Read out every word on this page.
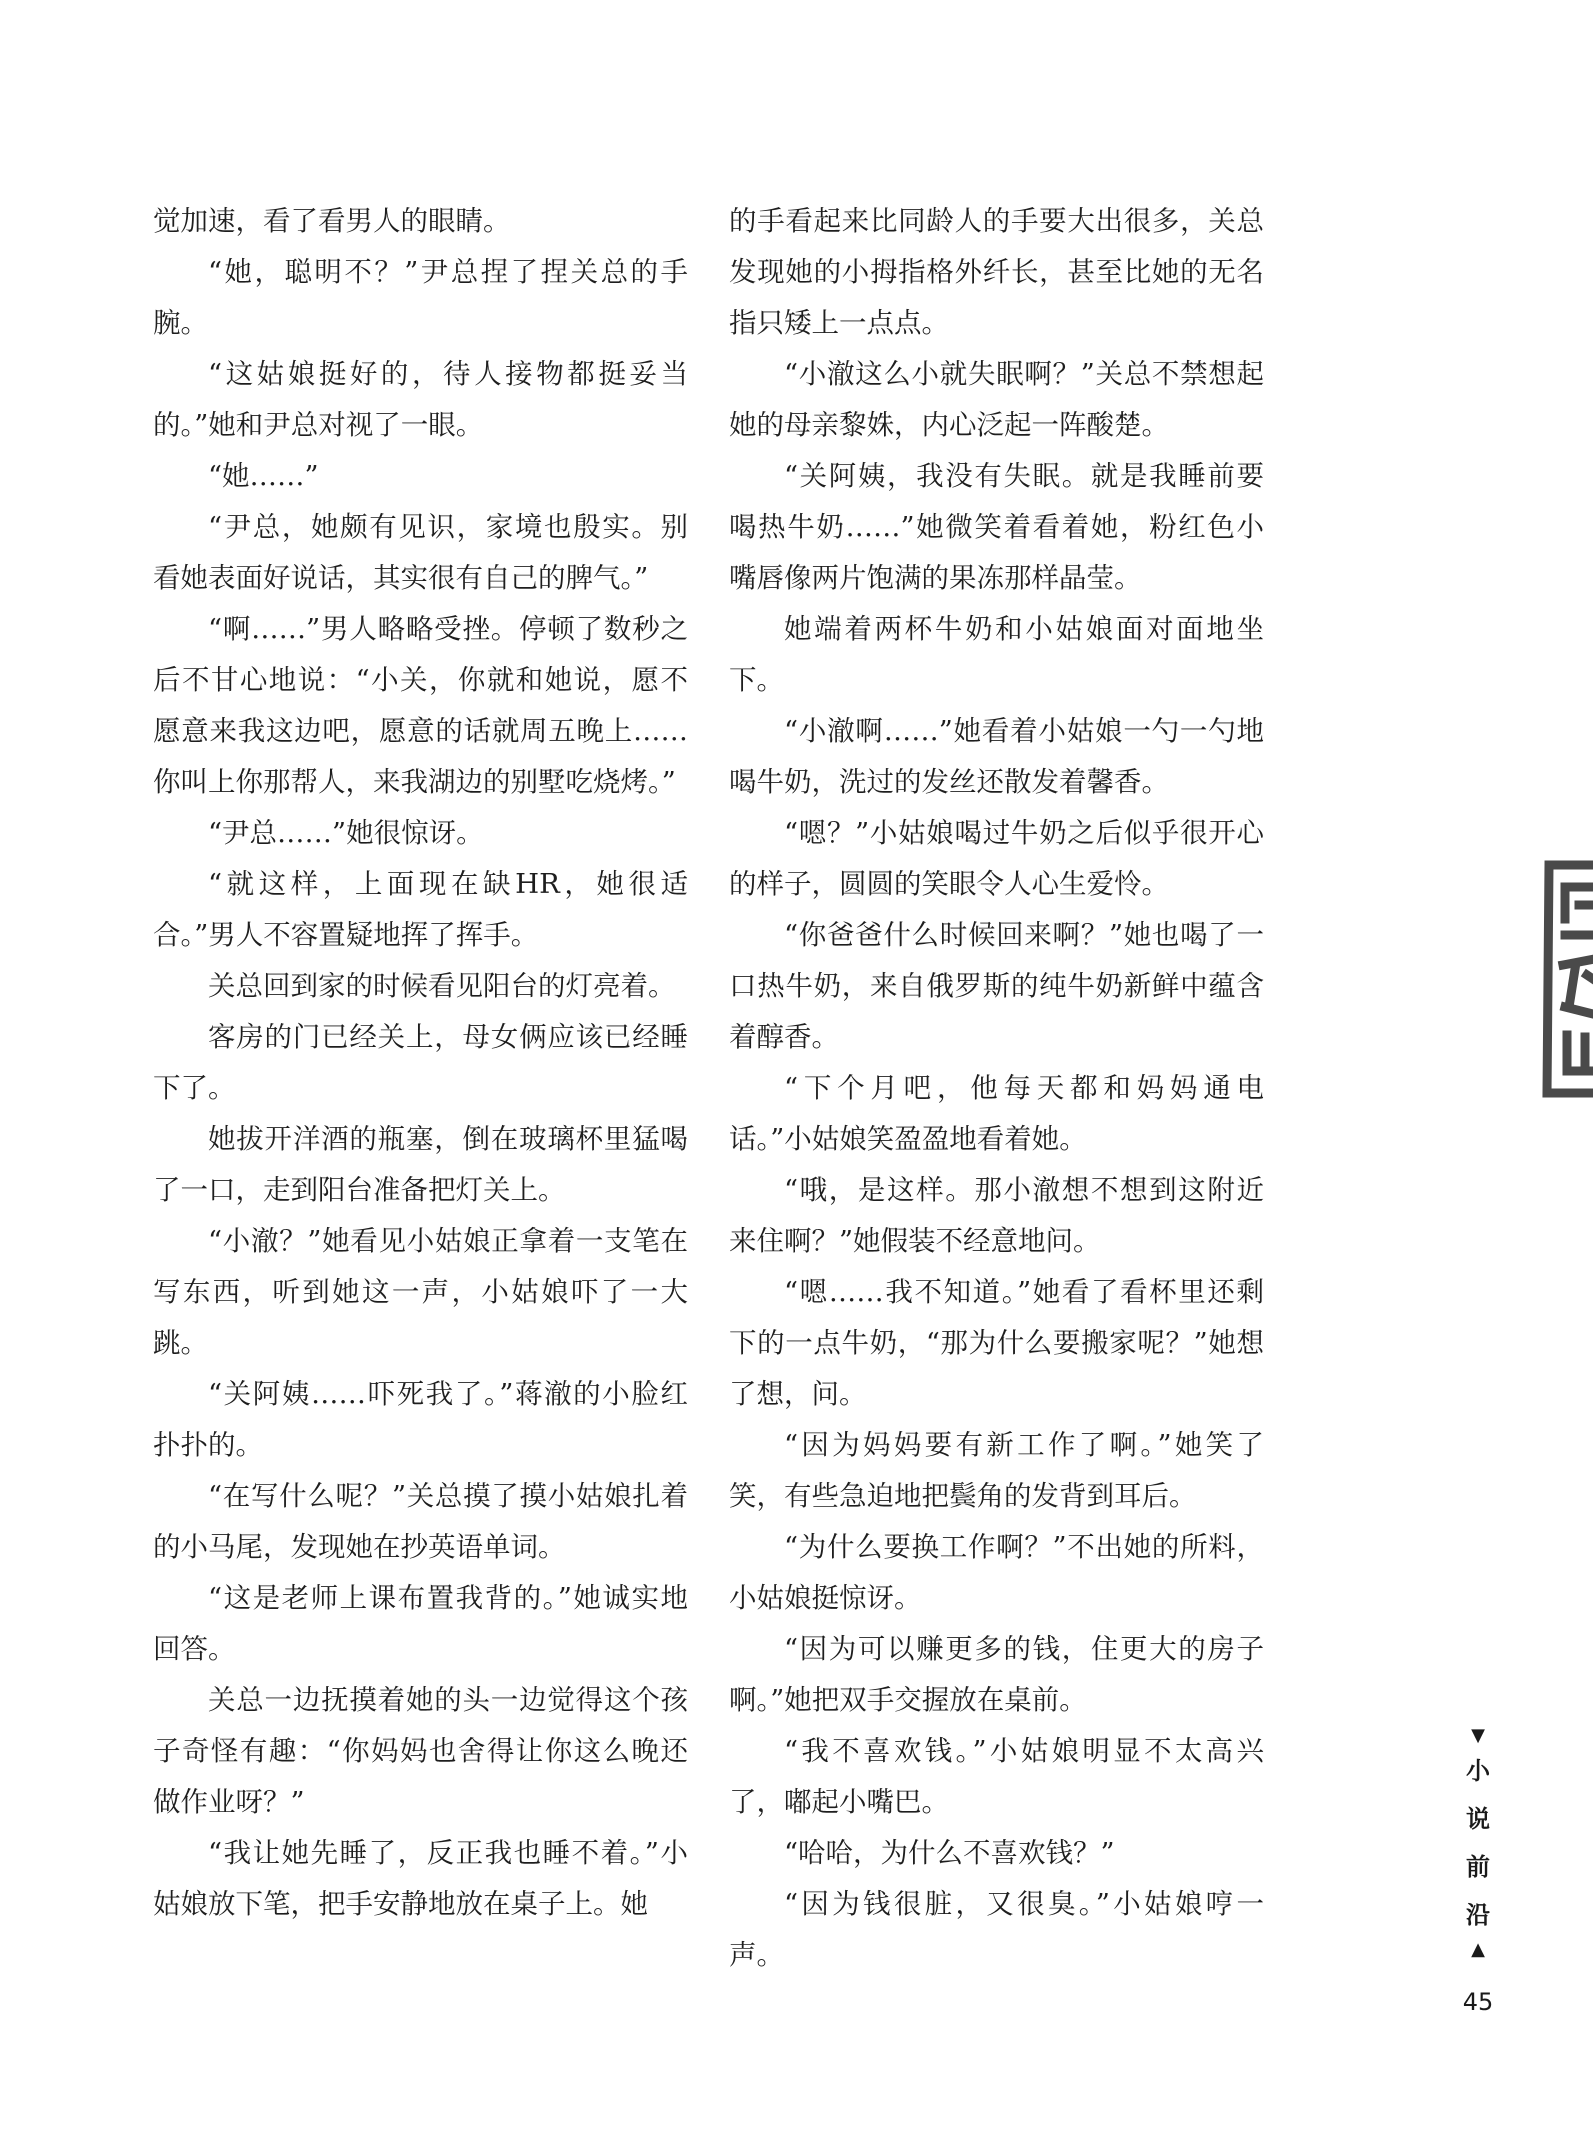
觉加速，看了看男人的眼睛。

“她，聪明不？”尹总捏了捏关总的手腕。

“这姑娘挺好的，待人接物都挺妥当的。”她和尹总对视了一眼。

“她……”

“尹总，她颇有见识，家境也殷实。别看她表面好说话，其实很有自己的脾气。”

“啊……”男人略略受挫。停顿了数秒之后不甘心地说：“小关，你就和她说，愿不愿意来我这边吧，愿意的话就周五晚上……你叫上你那帮人，来我湖边的别墅吃烧烤。”

“尹总……”她很惊讶。

“就这样，上面现在缺HR，她很适合。”男人不容置疑地挥了挥手。

关总回到家的时候看见阳台的灯亮着。

客房的门已经关上，母女俩应该已经睡下了。

她拔开洋酒的瓶塞，倒在玻璃杯里猛喝了一口，走到阳台准备把灯关上。

“小澈？”她看见小姑娘正拿着一支笔在写东西，听到她这一声，小姑娘吓了一大跳。

“关阿姨……吓死我了。”蒋澈的小脸红扑扑的。

“在写什么呢？”关总摸了摸小姑娘扎着的小马尾，发现她在抄英语单词。

“这是老师上课布置我背的。”她诚实地回答。

关总一边抚摸着她的头一边觉得这个孩子奇怪有趣：“你妈妈也舍得让你这么晚还做作业呀？”

“我让她先睡了，反正我也睡不着。”小姑娘放下笔，把手安静地放在桌子上。她

的手看起来比同龄人的手要大出很多，关总发现她的小拇指格外纤长，甚至比她的无名指只矮上一点点。

“小澈这么小就失眠啊？”关总不禁想起她的母亲黎姝，内心泛起一阵酸楚。

“关阿姨，我没有失眠。就是我睡前要喝热牛奶……”她微笑着看着她，粉红色小嘴唇像两片饱满的果冻那样晶莹。

她端着两杯牛奶和小姑娘面对面地坐下。

“小澈啊……”她看着小姑娘一勺一勺地喝牛奶，洗过的发丝还散发着馨香。

“嗯？”小姑娘喝过牛奶之后似乎很开心的样子，圆圆的笑眼令人心生爱怜。

“你爸爸什么时候回来啊？”她也喝了一口热牛奶，来自俄罗斯的纯牛奶新鲜中蕴含着醇香。

“下个月吧，他每天都和妈妈通电话。”小姑娘笑盈盈地看着她。

“哦，是这样。那小澈想不想到这附近来住啊？”她假装不经意地问。

“嗯……我不知道。”她看了看杯里还剩下的一点牛奶，“那为什么要搬家呢？”她想了想，问。

“因为妈妈要有新工作了啊。”她笑了笑，有些急迫地把鬓角的发背到耳后。

“为什么要换工作啊？”不出她的所料，小姑娘挺惊讶。

“因为可以赚更多的钱，住更大的房子啊。”她把双手交握放在桌前。

“我不喜欢钱。”小姑娘明显不太高兴了，嘟起小嘴巴。

“哈哈，为什么不喜欢钱？”

“因为钱很脏，又很臭。”小姑娘哼一声。

▼
小
说
前
沿
▲
45
